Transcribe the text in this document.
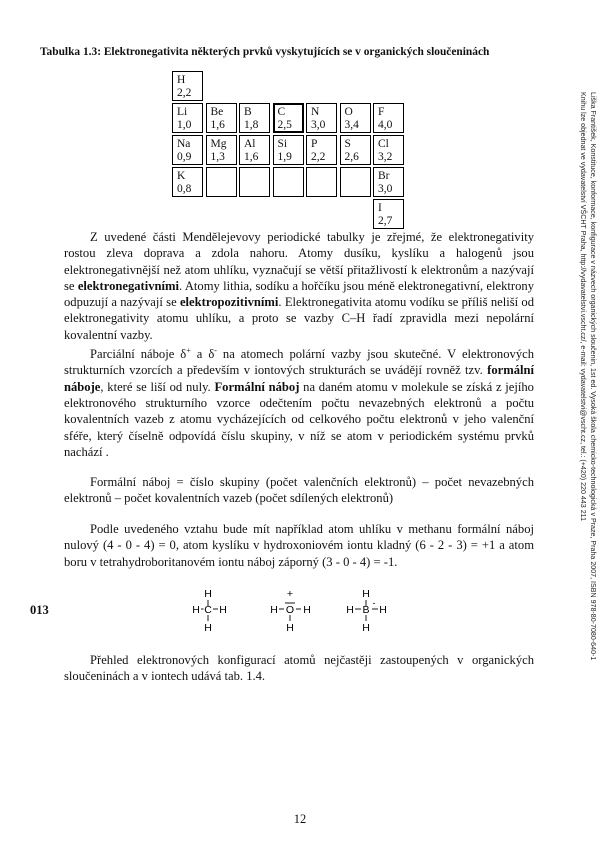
Tabulka 1.3: Elektronegativita některých prvků vyskytujících se v organických sloučeninách
H
2,2
Li
1,0
Be
1,6
B
1,8
C
2,5
N
3,0
O
3,4
F
4,0
Na
0,9
Mg
1,3
Al
1,6
Si
1,9
P
2,2
S
2,6
Cl
3,2
K
0,8
Br
3,0
I
2,7

Z uvedené části Mendělejevovy periodické tabulky je zřejmé, že elektronegativity rostou zleva doprava a zdola nahoru. Atomy dusíku, kyslíku a halogenů jsou elektronegativnější než atom uhlíku, vyznačují se větší přitažlivostí k elektronům a nazývají se elektronegativními. Atomy lithia, sodíku a hořčíku jsou méně elektronegativní, elektrony odpuzují a nazývají se elektropozitivními. Elektronegativita atomu vodíku se příliš neliší od elektronegativity atomu uhlíku, a proto se vazby C–H řadí zpravidla mezi nepolární kovalentní vazby.

Parciální náboje δ+ a δ- na atomech polární vazby jsou skutečné. V elektronových strukturních vzorcích a především v iontových strukturách se uvádějí rovněž tzv. formální náboje, které se liší od nuly. Formální náboj na daném atomu v molekule se získá z jejího elektronového strukturního vzorce odečtením počtu nevazebných elektronů a počtu kovalentních vazeb z atomu vycházejících od celkového počtu elektronů v jeho valenční sféře, který číselně odpovídá číslu skupiny, v níž se atom v periodickém systému prvků nachází .

Formální náboj = číslo skupiny (počet valenčních elektronů) – počet nevazebných elektronů – počet kovalentních vazeb (počet sdílených elektronů)

Podle uvedeného vztahu bude mít například atom uhlíku v methanu formální náboj nulový (4 - 0 - 4) = 0, atom kyslíku v hydroxoniovém iontu kladný (6 - 2 - 3) = +1 a atom boru v tetrahydroboritanovém iontu náboj záporný (3 - 0 - 4) = -1.

013
H
H C H
H
+
H O H
H
H
-
H B H
H

Přehled elektronových konfigurací atomů nejčastěji zastoupených v organických sloučeninách a v iontech udává tab. 1.4.

12
Liška František, Konstituce, konformace, konfigurace v názvech organických sloučenin, 1st ed. Vysoká škola chemicko-technologická v Praze, Praha 2007, ISBN 978-80-7080-640-1
Knihu lze objednat ve vydavatelství VŠCHT Praha, http://vydavatelstvi.vscht.cz/, e-mail: vydavatelstvi@vscht.cz, tel.: (+420) 220 443 211
